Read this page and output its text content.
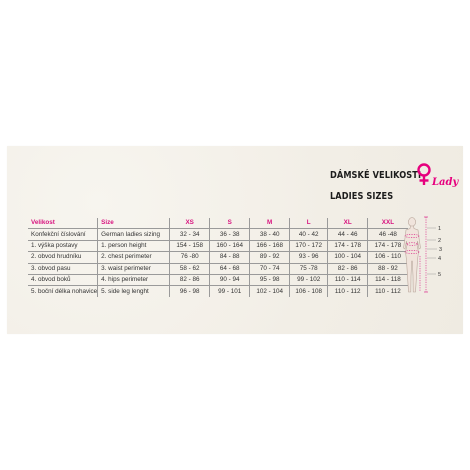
DÁMSKÉ VELIKOSTI
LADIES SIZES
Lady
Velikost	Size	XS	S	M	L	XL	XXL
Konfekční číslování	German ladies sizing	32 - 34	36 - 38	38 - 40	40 - 42	44 - 46	46 -48
1. výška postavy	1. person height	154 - 158	160 - 164	166 - 168	170 - 172	174 - 178	174 - 178
2. obvod hrudníku	2. chest perimeter	76 -80	84 - 88	89 - 92	93 - 96	100 - 104	106 - 110
3. obvod pasu	3. waist perimeter	58 - 62	64 - 68	70 - 74	75 -78	82 - 86	88 - 92
4. obvod boků	4. hips perimeter	82 - 86	90 - 94	95 - 98	99 - 102	110 - 114	114 - 118
5. boční délka nohavice	5. side leg lenght	96 - 98	99 - 101	102 - 104	106 - 108	110 - 112	110 - 112
1
2
3
4
5
